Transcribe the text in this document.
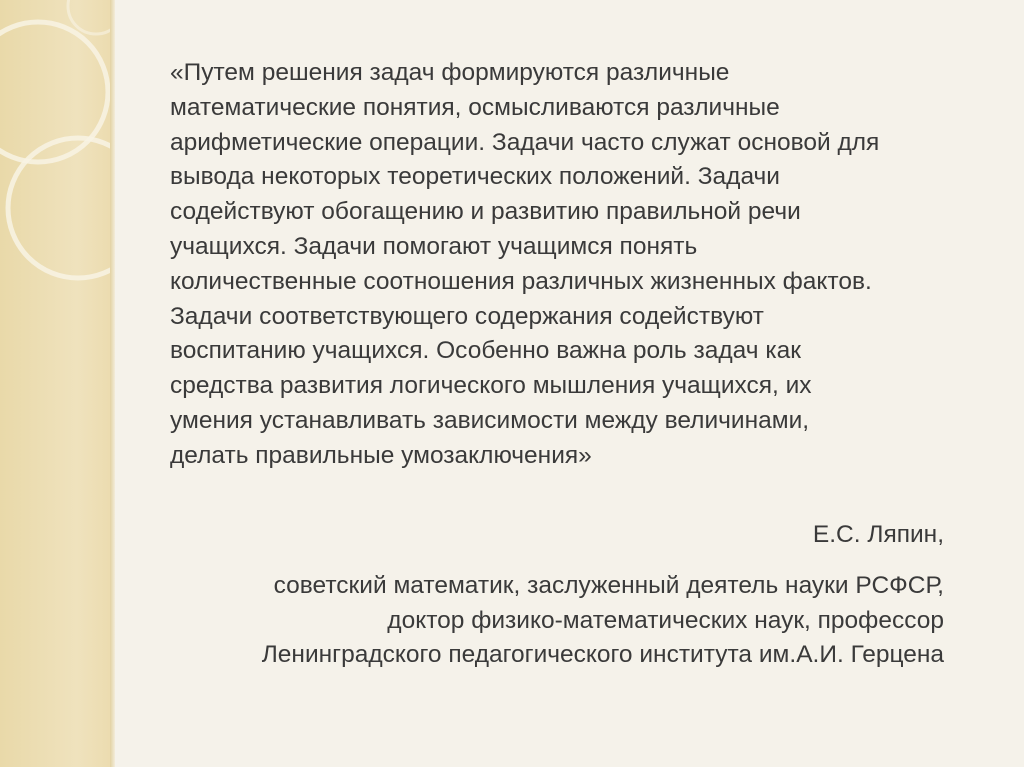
«Путем решения задач формируются различные
математические понятия, осмысливаются различные
арифметические операции. Задачи часто служат основой для
вывода некоторых теоретических положений. Задачи
содействуют обогащению и развитию правильной речи
учащихся. Задачи помогают учащимся понять
количественные соотношения различных жизненных фактов.
Задачи соответствующего содержания содействуют
воспитанию учащихся. Особенно важна роль задач как
средства развития логического мышления учащихся, их
умения устанавливать зависимости между величинами,
делать правильные умозаключения»
Е.С. Ляпин,
советский математик, заслуженный деятель науки РСФСР,
доктор физико-математических наук, профессор
Ленинградского педагогического института им.А.И. Герцена
